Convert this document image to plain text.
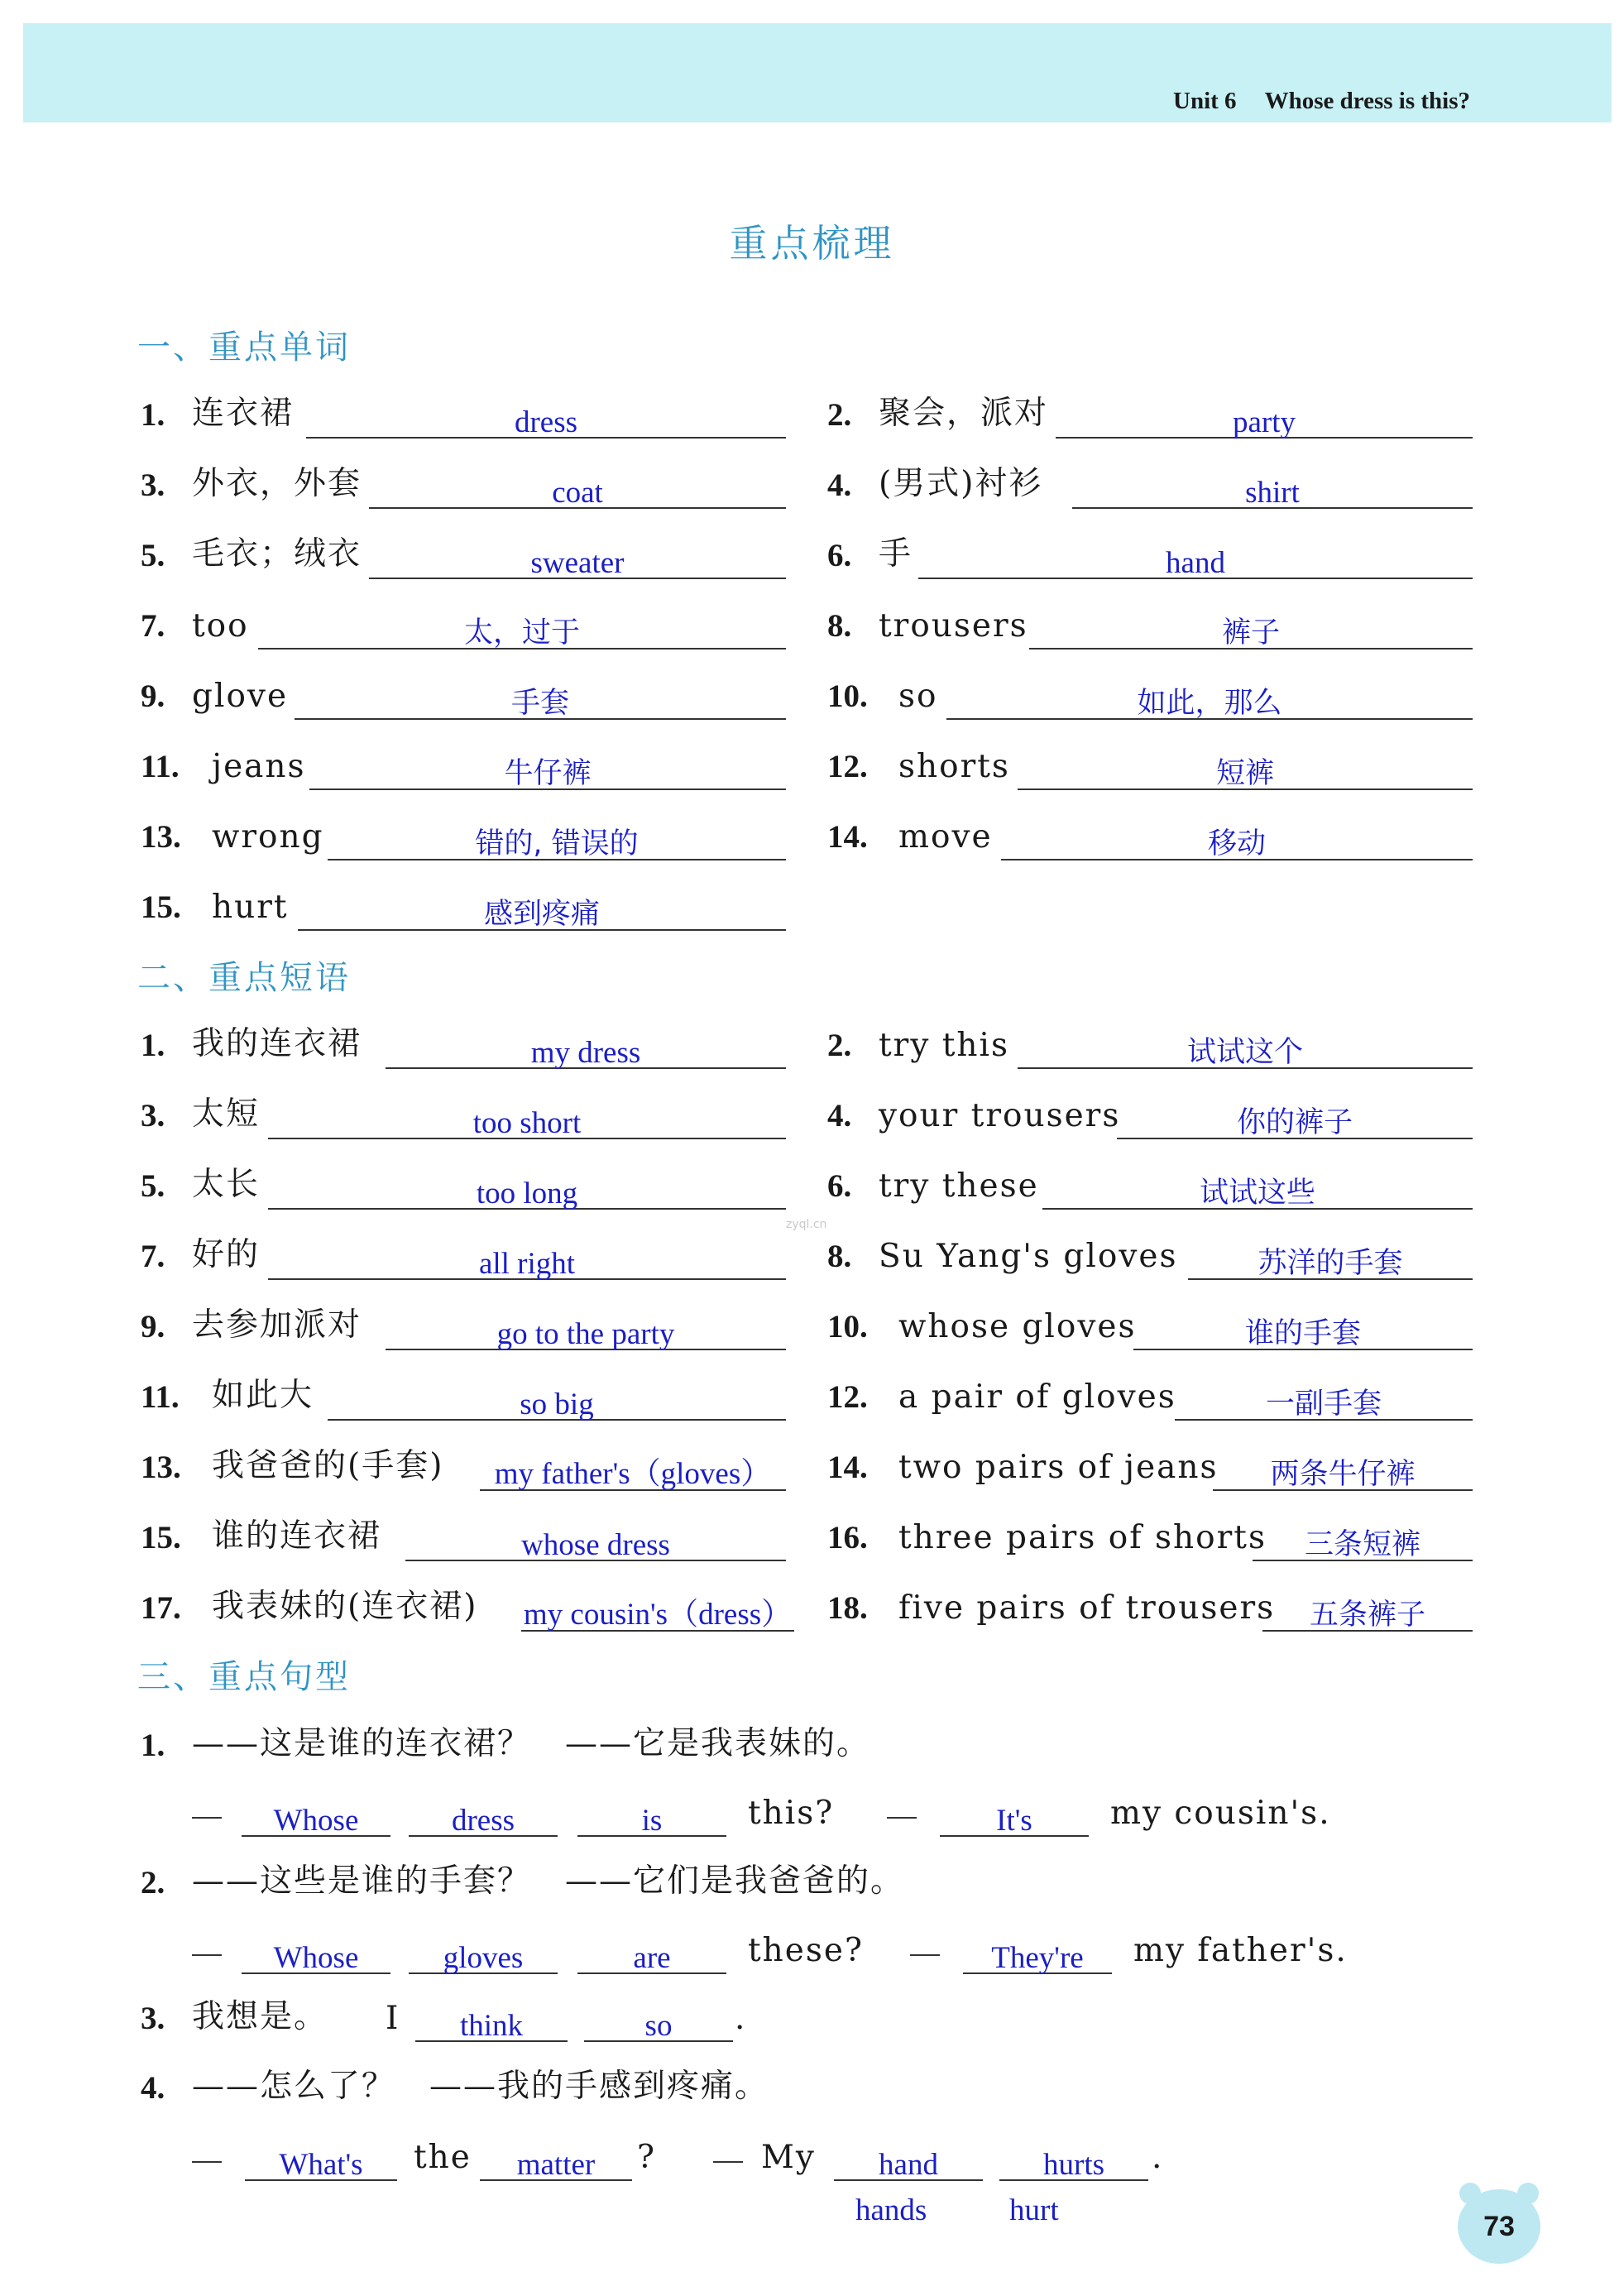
Unit 6 Whose dress is this?
重点梳理
一、重点单词
1. 连衣裙	dress	2. 聚会，派对	party
3. 外衣，外套	coat	4. (男式)衬衫	shirt
5. 毛衣；绒衣	sweater	6. 手	hand
7. too	太，过于	8. trousers	裤子
9. glove	手套	10. so	如此，那么
11. jeans	牛仔裤	12. shorts	短裤
13. wrong	错的, 错误的	14. move	移动
15. hurt	感到疼痛
二、重点短语
1. 我的连衣裙	my dress	2. try this	试试这个
3. 太短	too short	4. your trousers	你的裤子
5. 太长	too long	6. try these	试试这些
7. 好的	all right	8. Su Yang's gloves	苏洋的手套
9. 去参加派对	go to the party	10. whose gloves	谁的手套
11. 如此大	so big	12. a pair of gloves	一副手套
13. 我爸爸的(手套)	my father's（gloves）	14. two pairs of jeans	两条牛仔裤
15. 谁的连衣裙	whose dress	16. three pairs of shorts	三条短裤
17. 我表妹的(连衣裙) my cousin's（dress） 18. five pairs of trousers	五条裤子
三、重点句型
1. ——这是谁的连衣裙？　——它是我表妹的。
Whose	dress	is	this?	It's	my cousin's.
2. ——这些是谁的手套？　——它们是我爸爸的。
Whose	gloves	are	these?	They're	my father's.
3. 我想是。 I	think	so	.
4. ——怎么了？　——我的手感到疼痛。
What's	the	matter	?	My	hand	hurts	.
hands	hurt
zyql.cn
73
